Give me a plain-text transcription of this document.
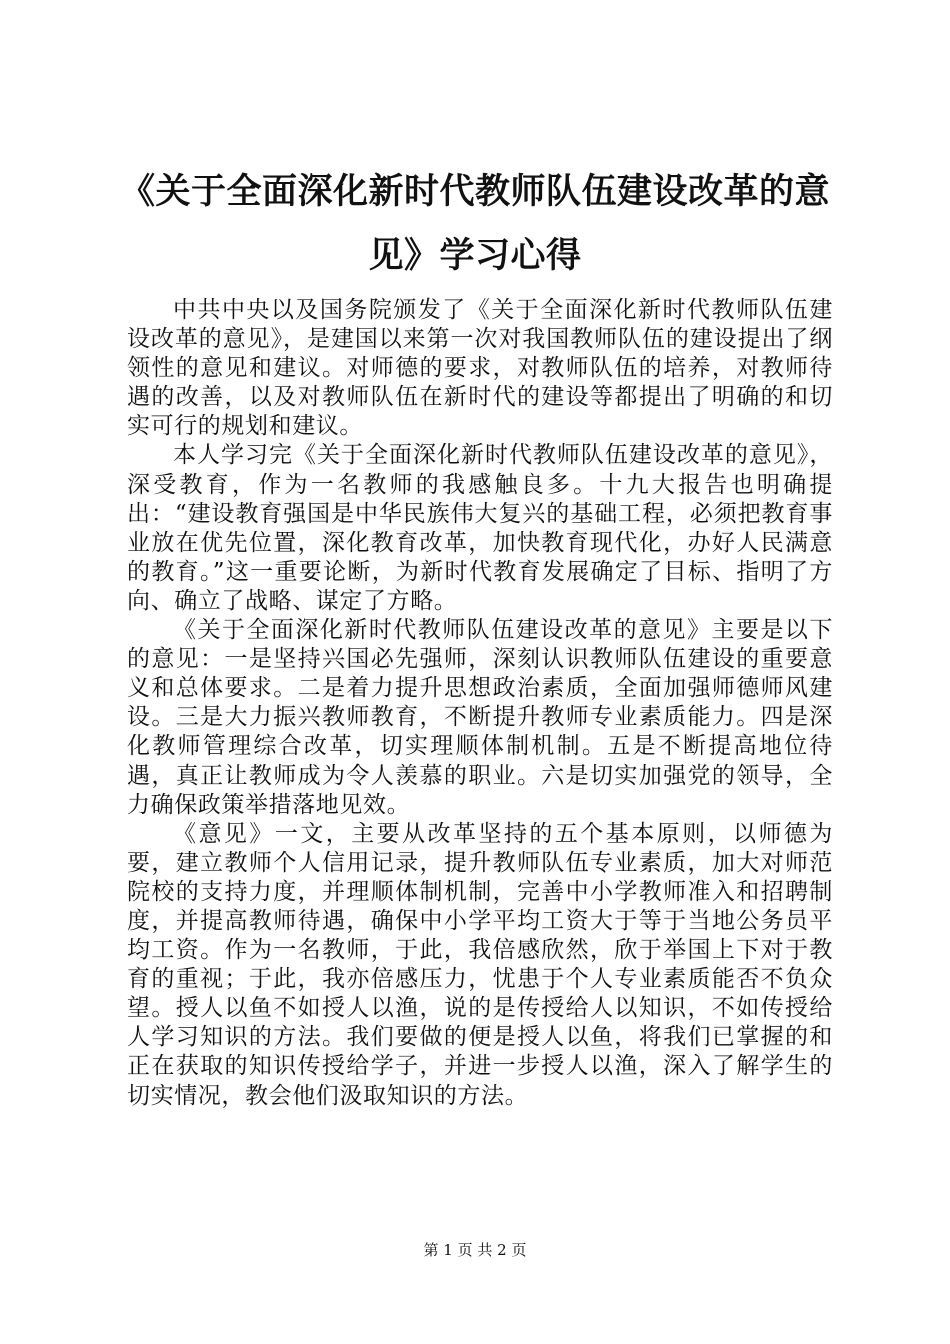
《关于全面深化新时代教师队伍建设改革的意见》学习心得

中共中央以及国务院颁发了《关于全面深化新时代教师队伍建设改革的意见》，是建国以来第一次对我国教师队伍的建设提出了纲领性的意见和建议。对师德的要求，对教师队伍的培养，对教师待遇的改善，以及对教师队伍在新时代的建设等都提出了明确的和切实可行的规划和建议。

本人学习完《关于全面深化新时代教师队伍建设改革的意见》，深受教育，作为一名教师的我感触良多。十九大报告也明确提出：“建设教育强国是中华民族伟大复兴的基础工程，必须把教育事业放在优先位置，深化教育改革，加快教育现代化，办好人民满意的教育。”这一重要论断，为新时代教育发展确定了目标、指明了方向、确立了战略、谋定了方略。

《关于全面深化新时代教师队伍建设改革的意见》主要是以下的意见：一是坚持兴国必先强师，深刻认识教师队伍建设的重要意义和总体要求。二是着力提升思想政治素质，全面加强师德师风建设。三是大力振兴教师教育，不断提升教师专业素质能力。四是深化教师管理综合改革，切实理顺体制机制。五是不断提高地位待遇，真正让教师成为令人羡慕的职业。六是切实加强党的领导，全力确保政策举措落地见效。

《意见》一文，主要从改革坚持的五个基本原则，以师德为要，建立教师个人信用记录，提升教师队伍专业素质，加大对师范院校的支持力度，并理顺体制机制，完善中小学教师准入和招聘制度，并提高教师待遇，确保中小学平均工资大于等于当地公务员平均工资。作为一名教师，于此，我倍感欣然，欣于举国上下对于教育的重视；于此，我亦倍感压力，忧患于个人专业素质能否不负众望。授人以鱼不如授人以渔，说的是传授给人以知识，不如传授给人学习知识的方法。我们要做的便是授人以鱼，将我们已掌握的和正在获取的知识传授给学子，并进一步授人以渔，深入了解学生的切实情况，教会他们汲取知识的方法。

第 1 页 共 2 页
